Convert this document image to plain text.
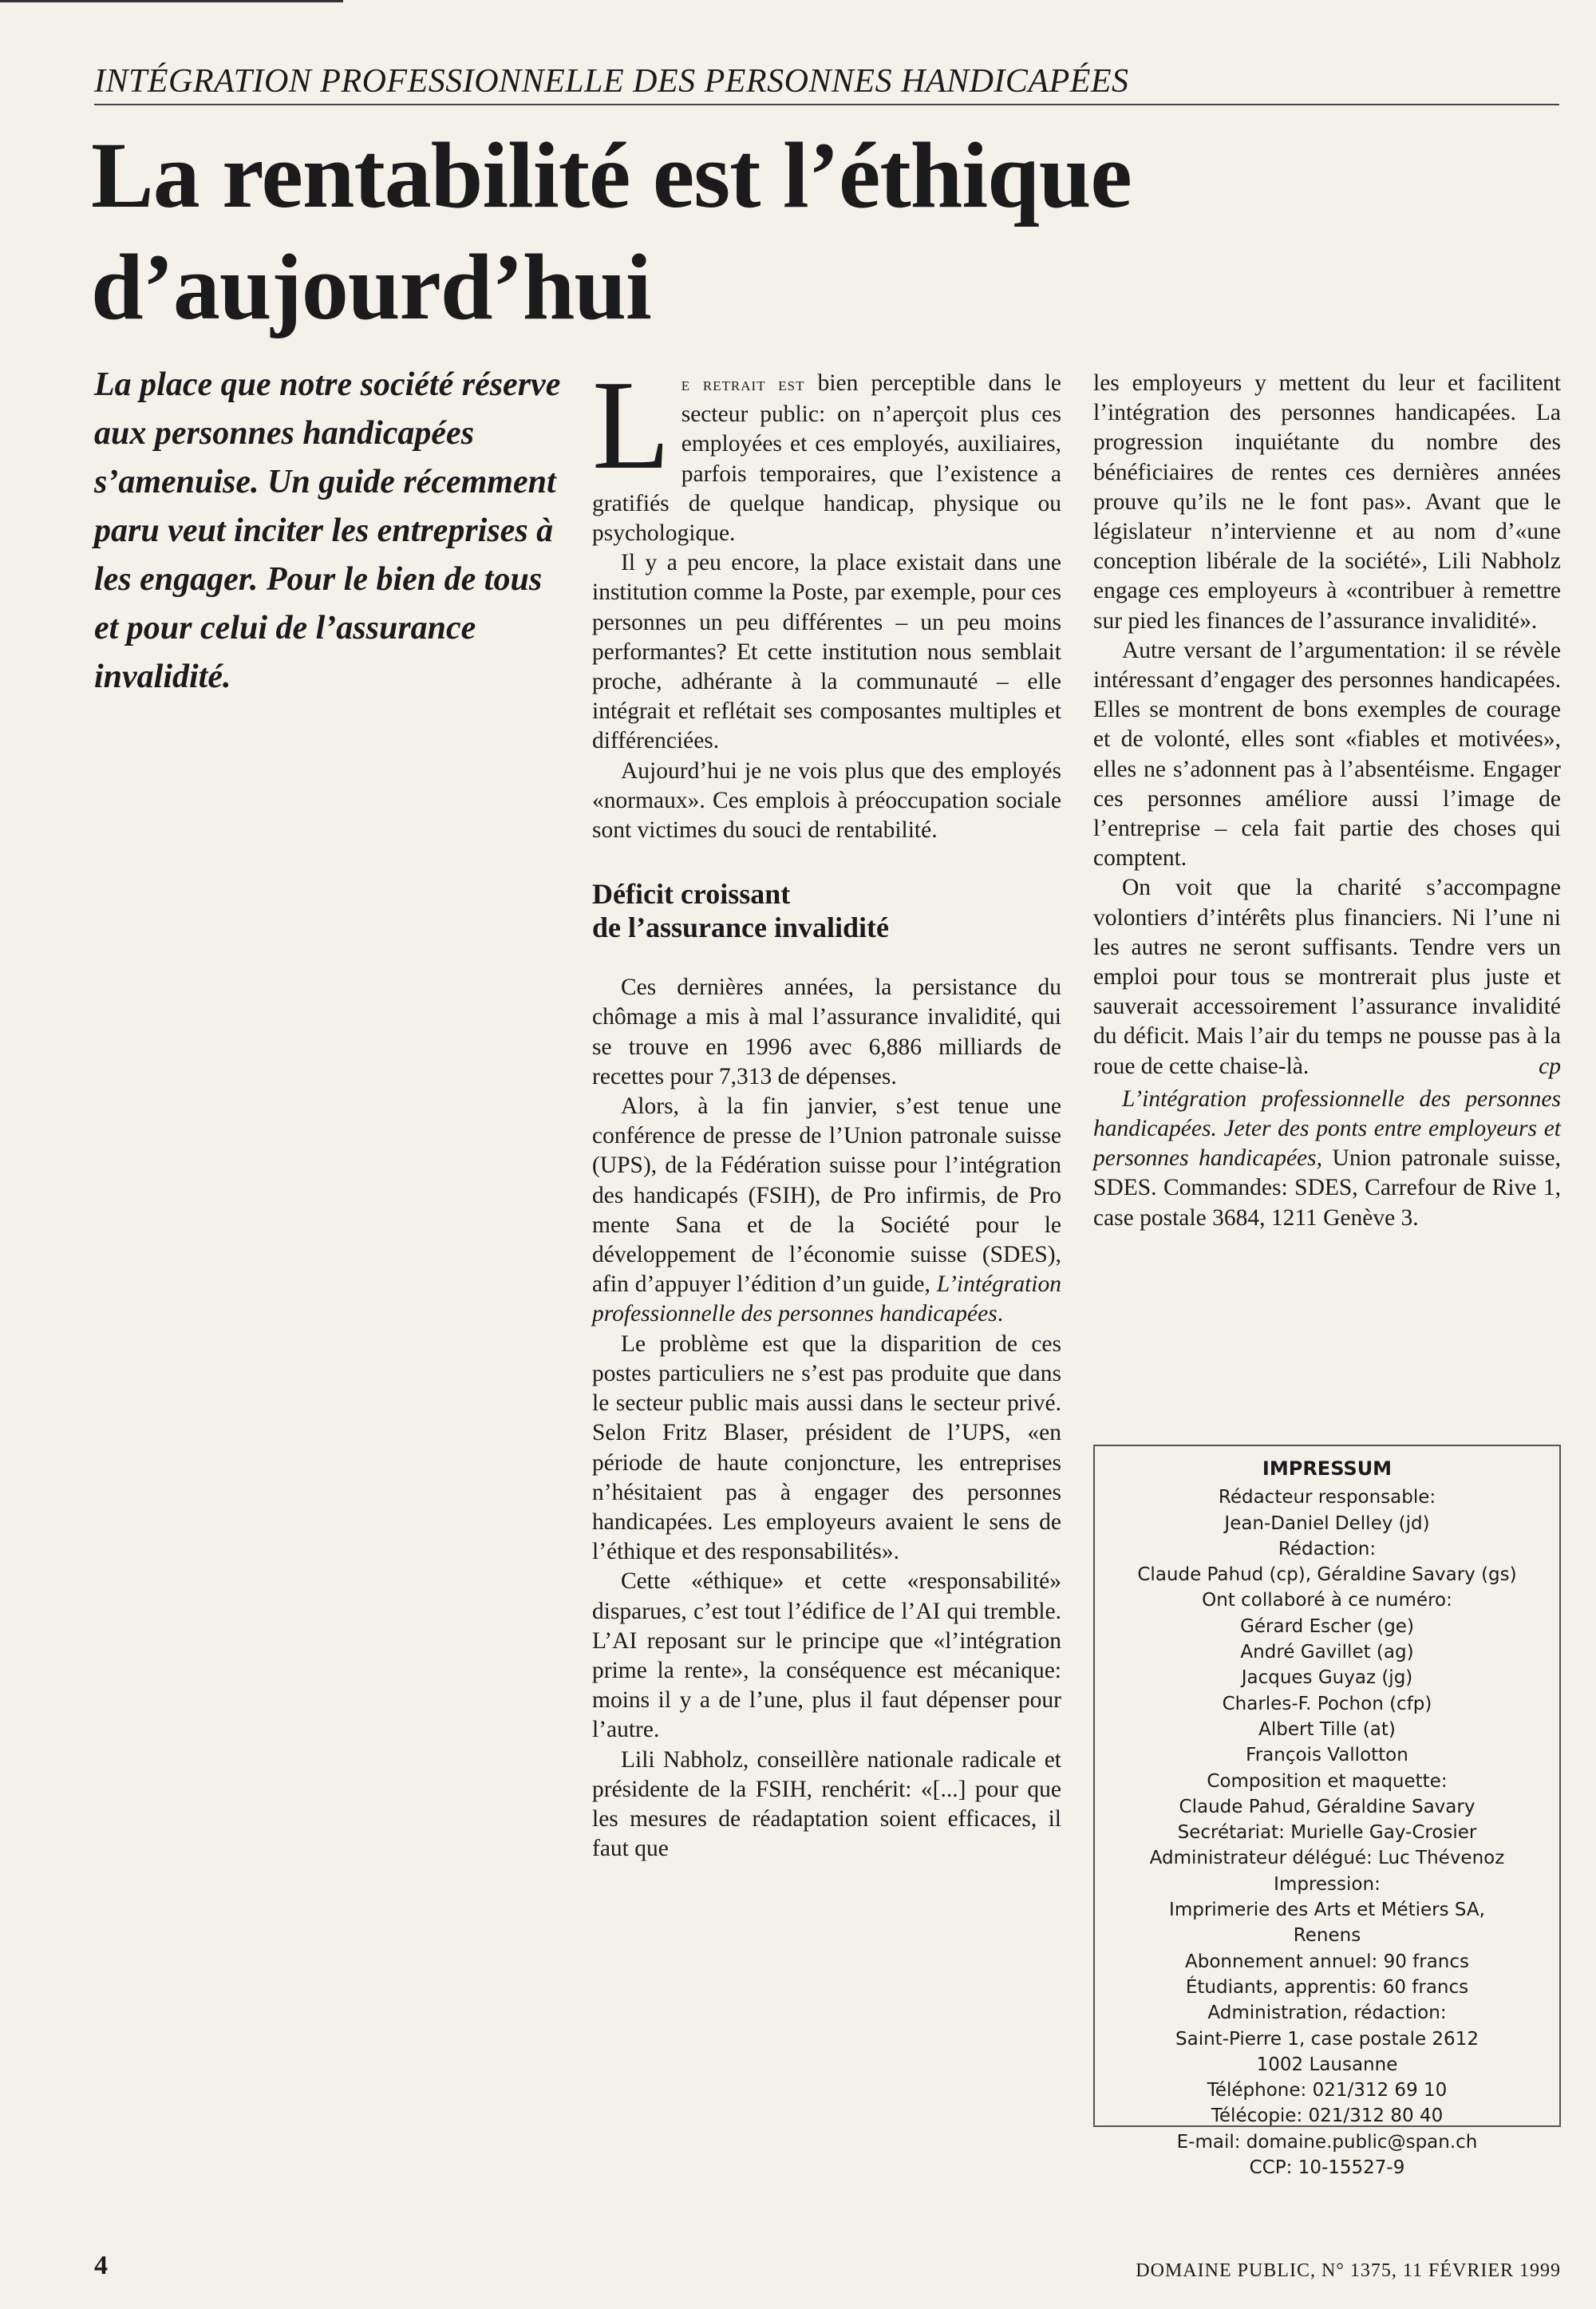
INTÉGRATION PROFESSIONNELLE DES PERSONNES HANDICAPÉES
La rentabilité est l’éthique
d’aujourd’hui

La place que notre société réserve aux personnes handicapées s’amenuise. Un guide récemment paru veut inciter les entreprises à les engager. Pour le bien de tous et pour celui de l’assurance invalidité.

Le retrait est bien perceptible dans le secteur public: on n’aperçoit plus ces employées et ces employés, auxiliaires, parfois temporaires, que l’existence a gratifiés de quelque handicap, physique ou psychologique.

Il y a peu encore, la place existait dans une institution comme la Poste, par exemple, pour ces personnes un peu différentes – un peu moins performantes? Et cette institution nous semblait proche, adhérante à la communauté – elle intégrait et reflétait ses composantes multiples et différenciées.

Aujourd’hui je ne vois plus que des employés «normaux». Ces emplois à préoccupation sociale sont victimes du souci de rentabilité.

Déficit croissant
de l’assurance invalidité

Ces dernières années, la persistance du chômage a mis à mal l’assurance invalidité, qui se trouve en 1996 avec 6,886 milliards de recettes pour 7,313 de dépenses.

Alors, à la fin janvier, s’est tenue une conférence de presse de l’Union patronale suisse (UPS), de la Fédération suisse pour l’intégration des handicapés (FSIH), de Pro infirmis, de Pro mente Sana et de la Société pour le développement de l’économie suisse (SDES), afin d’appuyer l’édition d’un guide, L’intégration professionnelle des personnes handicapées.

Le problème est que la disparition de ces postes particuliers ne s’est pas produite que dans le secteur public mais aussi dans le secteur privé. Selon Fritz Blaser, président de l’UPS, «en période de haute conjoncture, les entreprises n’hésitaient pas à engager des personnes handicapées. Les employeurs avaient le sens de l’éthique et des responsabilités».

Cette «éthique» et cette «responsabilité» disparues, c’est tout l’édifice de l’AI qui tremble. L’AI reposant sur le principe que «l’intégration prime la rente», la conséquence est mécanique: moins il y a de l’une, plus il faut dépenser pour l’autre.

Lili Nabholz, conseillère nationale radicale et présidente de la FSIH, renchérit: «[...] pour que les mesures de réadaptation soient efficaces, il faut que

les employeurs y mettent du leur et facilitent l’intégration des personnes handicapées. La progression inquiétante du nombre des bénéficiaires de rentes ces dernières années prouve qu’ils ne le font pas». Avant que le législateur n’intervienne et au nom d’«une conception libérale de la société», Lili Nabholz engage ces employeurs à «contribuer à remettre sur pied les finances de l’assurance invalidité».

Autre versant de l’argumentation: il se révèle intéressant d’engager des personnes handicapées. Elles se montrent de bons exemples de courage et de volonté, elles sont «fiables et motivées», elles ne s’adonnent pas à l’absentéisme. Engager ces personnes améliore aussi l’image de l’entreprise – cela fait partie des choses qui comptent.

On voit que la charité s’accompagne volontiers d’intérêts plus financiers. Ni l’une ni les autres ne seront suffisants. Tendre vers un emploi pour tous se montrerait plus juste et sauverait accessoirement l’assurance invalidité du déficit. Mais l’air du temps ne pousse pas à la roue de cette chaise-là.	cp

L’intégration professionnelle des personnes handicapées. Jeter des ponts entre employeurs et personnes handicapées, Union patronale suisse, SDES. Commandes: SDES, Carrefour de Rive 1, case postale 3684, 1211 Genève 3.

IMPRESSUM
Rédacteur responsable:
Jean-Daniel Delley (jd)
Rédaction:
Claude Pahud (cp), Géraldine Savary (gs)
Ont collaboré à ce numéro:
Gérard Escher (ge)
André Gavillet (ag)
Jacques Guyaz (jg)
Charles-F. Pochon (cfp)
Albert Tille (at)
François Vallotton
Composition et maquette:
Claude Pahud, Géraldine Savary
Secrétariat: Murielle Gay-Crosier
Administrateur délégué: Luc Thévenoz
Impression:
Imprimerie des Arts et Métiers SA,
Renens
Abonnement annuel: 90 francs
Étudiants, apprentis: 60 francs
Administration, rédaction:
Saint-Pierre 1, case postale 2612
1002 Lausanne
Téléphone: 021/312 69 10
Télécopie: 021/312 80 40
E-mail: domaine.public@span.ch
CCP: 10-15527-9
4	DOMAINE PUBLIC, N° 1375, 11 FÉVRIER 1999
